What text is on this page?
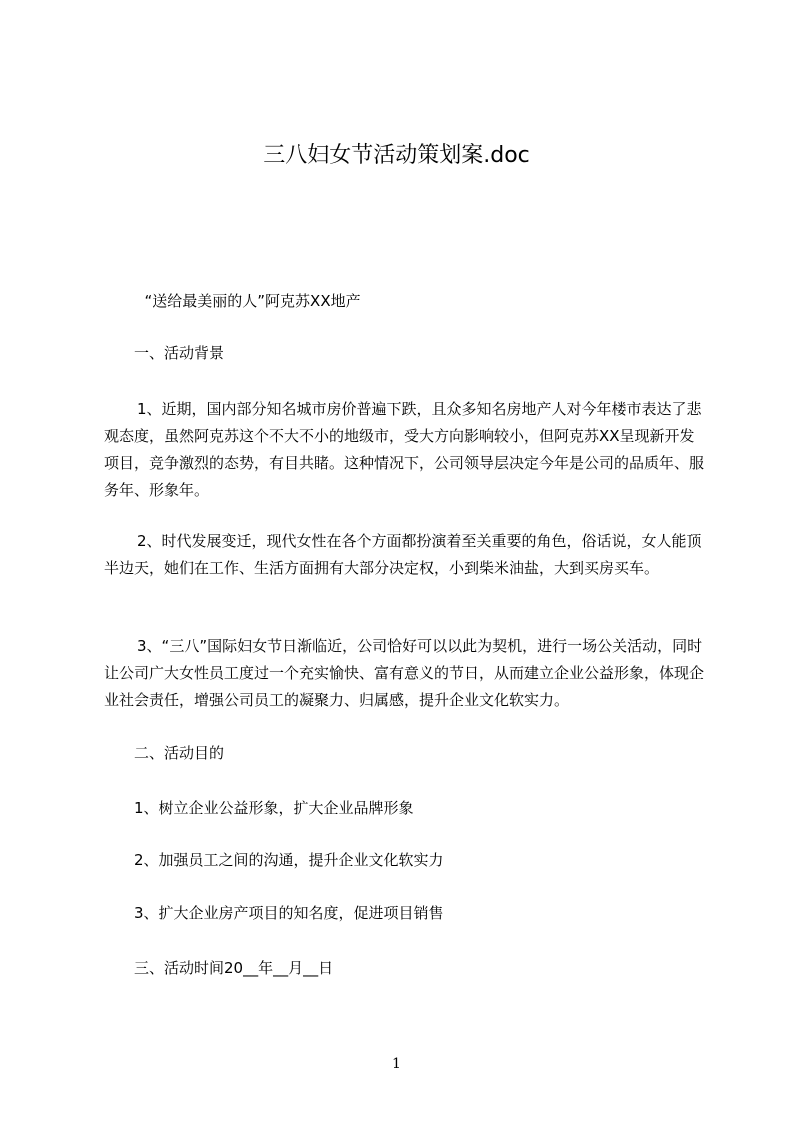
三八妇女节活动策划案.doc

“送给最美丽的人”阿克苏XX地产

一、活动背景

1、近期，国内部分知名城市房价普遍下跌，且众多知名房地产人对今年楼市表达了悲观态度，虽然阿克苏这个不大不小的地级市，受大方向影响较小，但阿克苏XX呈现新开发项目，竞争激烈的态势，有目共睹。这种情况下，公司领导层决定今年是公司的品质年、服务年、形象年。

2、时代发展变迁，现代女性在各个方面都扮演着至关重要的角色，俗话说，女人能顶半边天，她们在工作、生活方面拥有大部分决定权，小到柴米油盐，大到买房买车。

3、“三八”国际妇女节日渐临近，公司恰好可以以此为契机，进行一场公关活动，同时让公司广大女性员工度过一个充实愉快、富有意义的节日，从而建立企业公益形象，体现企业社会责任，增强公司员工的凝聚力、归属感，提升企业文化软实力。

二、活动目的

1、树立企业公益形象，扩大企业品牌形象

2、加强员工之间的沟通，提升企业文化软实力

3、扩大企业房产项目的知名度，促进项目销售

三、活动时间20__年__月__日

1
